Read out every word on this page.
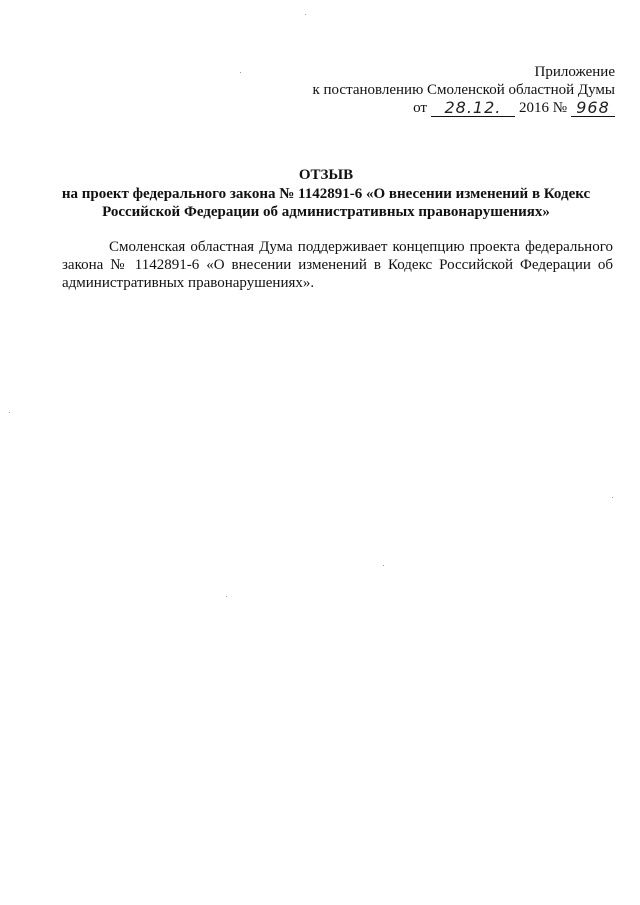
Приложение
к постановлению Смоленской областной Думы
от	28.12.	2016 № 968
ОТЗЫВ
на проект федерального закона № 1142891-6 «О внесении изменений в Кодекс
Российской Федерации об административных правонарушениях»
Смоленская областная Дума поддерживает концепцию проекта федерального закона № 1142891-6 «О внесении изменений в Кодекс Российской Федерации об административных правонарушениях».
